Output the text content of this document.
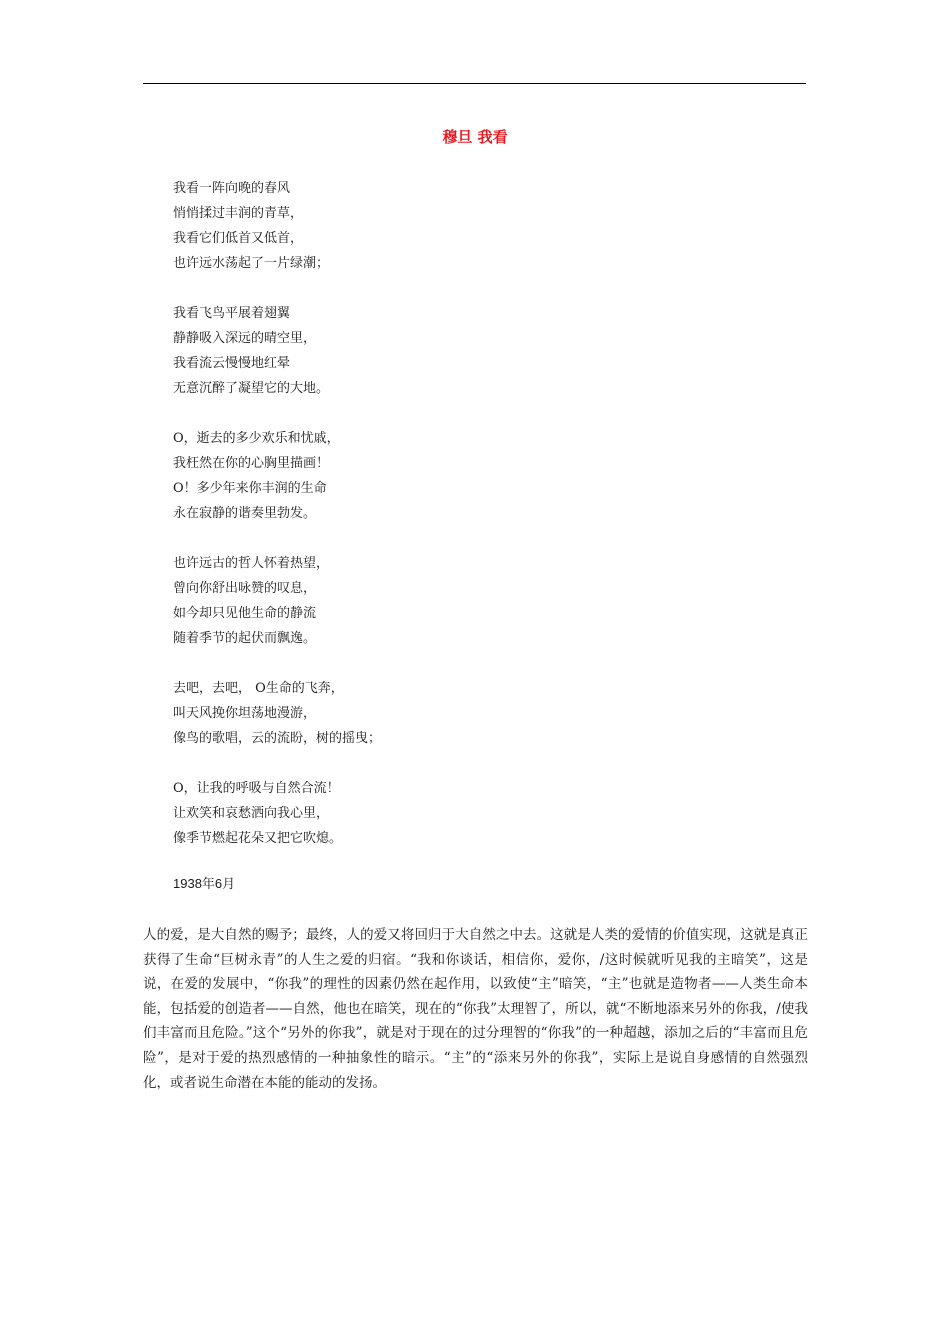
穆旦 我看
我看一阵向晚的春风
悄悄揉过丰润的青草，
我看它们低首又低首，
也许远水荡起了一片绿潮；
我看飞鸟平展着翅翼
静静吸入深远的晴空里，
我看流云慢慢地红晕
无意沉醉了凝望它的大地。
O，逝去的多少欢乐和忧戚，
我枉然在你的心胸里描画！
O！多少年来你丰润的生命
永在寂静的谐奏里勃发。
也许远古的哲人怀着热望，
曾向你舒出咏赞的叹息，
如今却只见他生命的静流
随着季节的起伏而飘逸。
去吧，去吧， O生命的飞奔，
叫天风挽你坦荡地漫游，
像鸟的歌唱，云的流盼，树的摇曳；
O，让我的呼吸与自然合流！
让欢笑和哀愁洒向我心里，
像季节燃起花朵又把它吹熄。
1938年6月

人的爱，是大自然的赐予；最终，人的爱又将回归于大自然之中去。这就是人类的爱情的价值实现，这就是真正获得了生命“巨树永青”的人生之爱的归宿。“我和你谈话，相信你，爱你，/这时候就听见我的主暗笑”，这是说，在爱的发展中，“你我”的理性的因素仍然在起作用，以致使“主”暗笑，“主”也就是造物者——人类生命本能，包括爱的创造者——自然，他也在暗笑，现在的“你我”太理智了，所以，就“不断地添来另外的你我，/使我们丰富而且危险。”这个“另外的你我”，就是对于现在的过分理智的“你我”的一种超越，添加之后的“丰富而且危险”，是对于爱的热烈感情的一种抽象性的暗示。“主”的“添来另外的你我”，实际上是说自身感情的自然强烈化，或者说生命潜在本能的能动的发扬。
